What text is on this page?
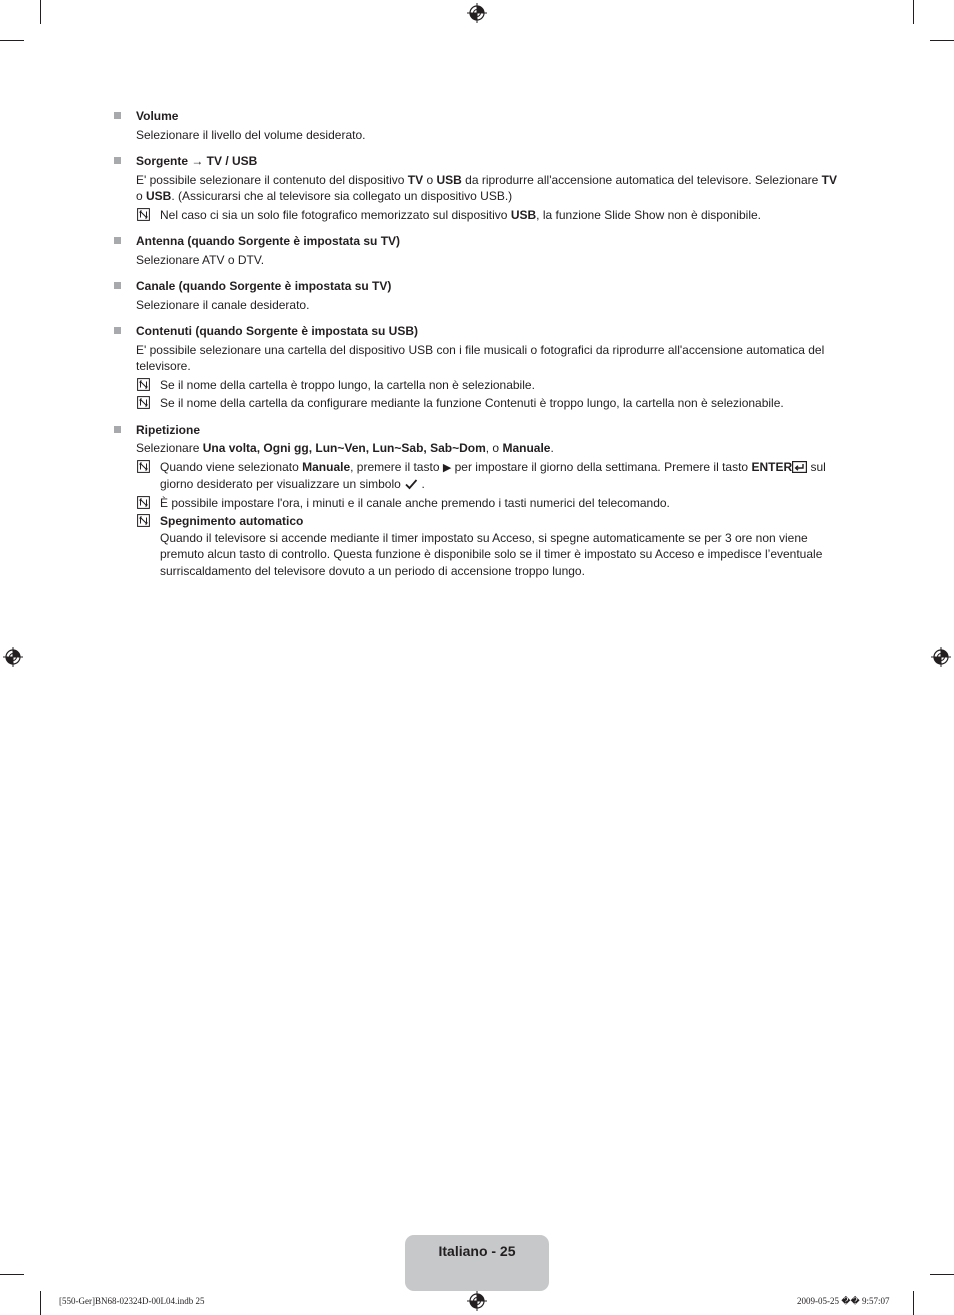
Volume
Selezionare il livello del volume desiderato.
Sorgente → TV / USB
E' possibile selezionare il contenuto del dispositivo TV o USB da riprodurre all'accensione automatica del televisore. Selezionare TV o USB. (Assicurarsi che al televisore sia collegato un dispositivo USB.)
Nel caso ci sia un solo file fotografico memorizzato sul dispositivo USB, la funzione Slide Show non è disponibile.
Antenna (quando Sorgente è impostata su TV)
Selezionare ATV o DTV.
Canale (quando Sorgente è impostata su TV)
Selezionare il canale desiderato.
Contenuti (quando Sorgente è impostata su USB)
E' possibile selezionare una cartella del dispositivo USB con i file musicali o fotografici da riprodurre all'accensione automatica del televisore.
Se il nome della cartella è troppo lungo, la cartella non è selezionabile.
Se il nome della cartella da configurare mediante la funzione Contenuti è troppo lungo, la cartella non è selezionabile.
Ripetizione
Selezionare Una volta, Ogni gg, Lun~Ven, Lun~Sab, Sab~Dom, o Manuale.
Quando viene selezionato Manuale, premere il tasto ▶ per impostare il giorno della settimana. Premere il tasto ENTER sul giorno desiderato per visualizzare un simbolo  .
È possibile impostare l'ora, i minuti e il canale anche premendo i tasti numerici del telecomando.
Spegnimento automatico
Quando il televisore si accende mediante il timer impostato su Acceso, si spegne automaticamente se per 3 ore non viene premuto alcun tasto di controllo. Questa funzione è disponibile solo se il timer è impostato su Acceso e impedisce l’eventuale surriscaldamento del televisore dovuto a un periodo di accensione troppo lungo.
Italiano - 25
[550-Ger]BN68-02324D-00L04.indb 25	2009-05-25 �� 9:57:07
